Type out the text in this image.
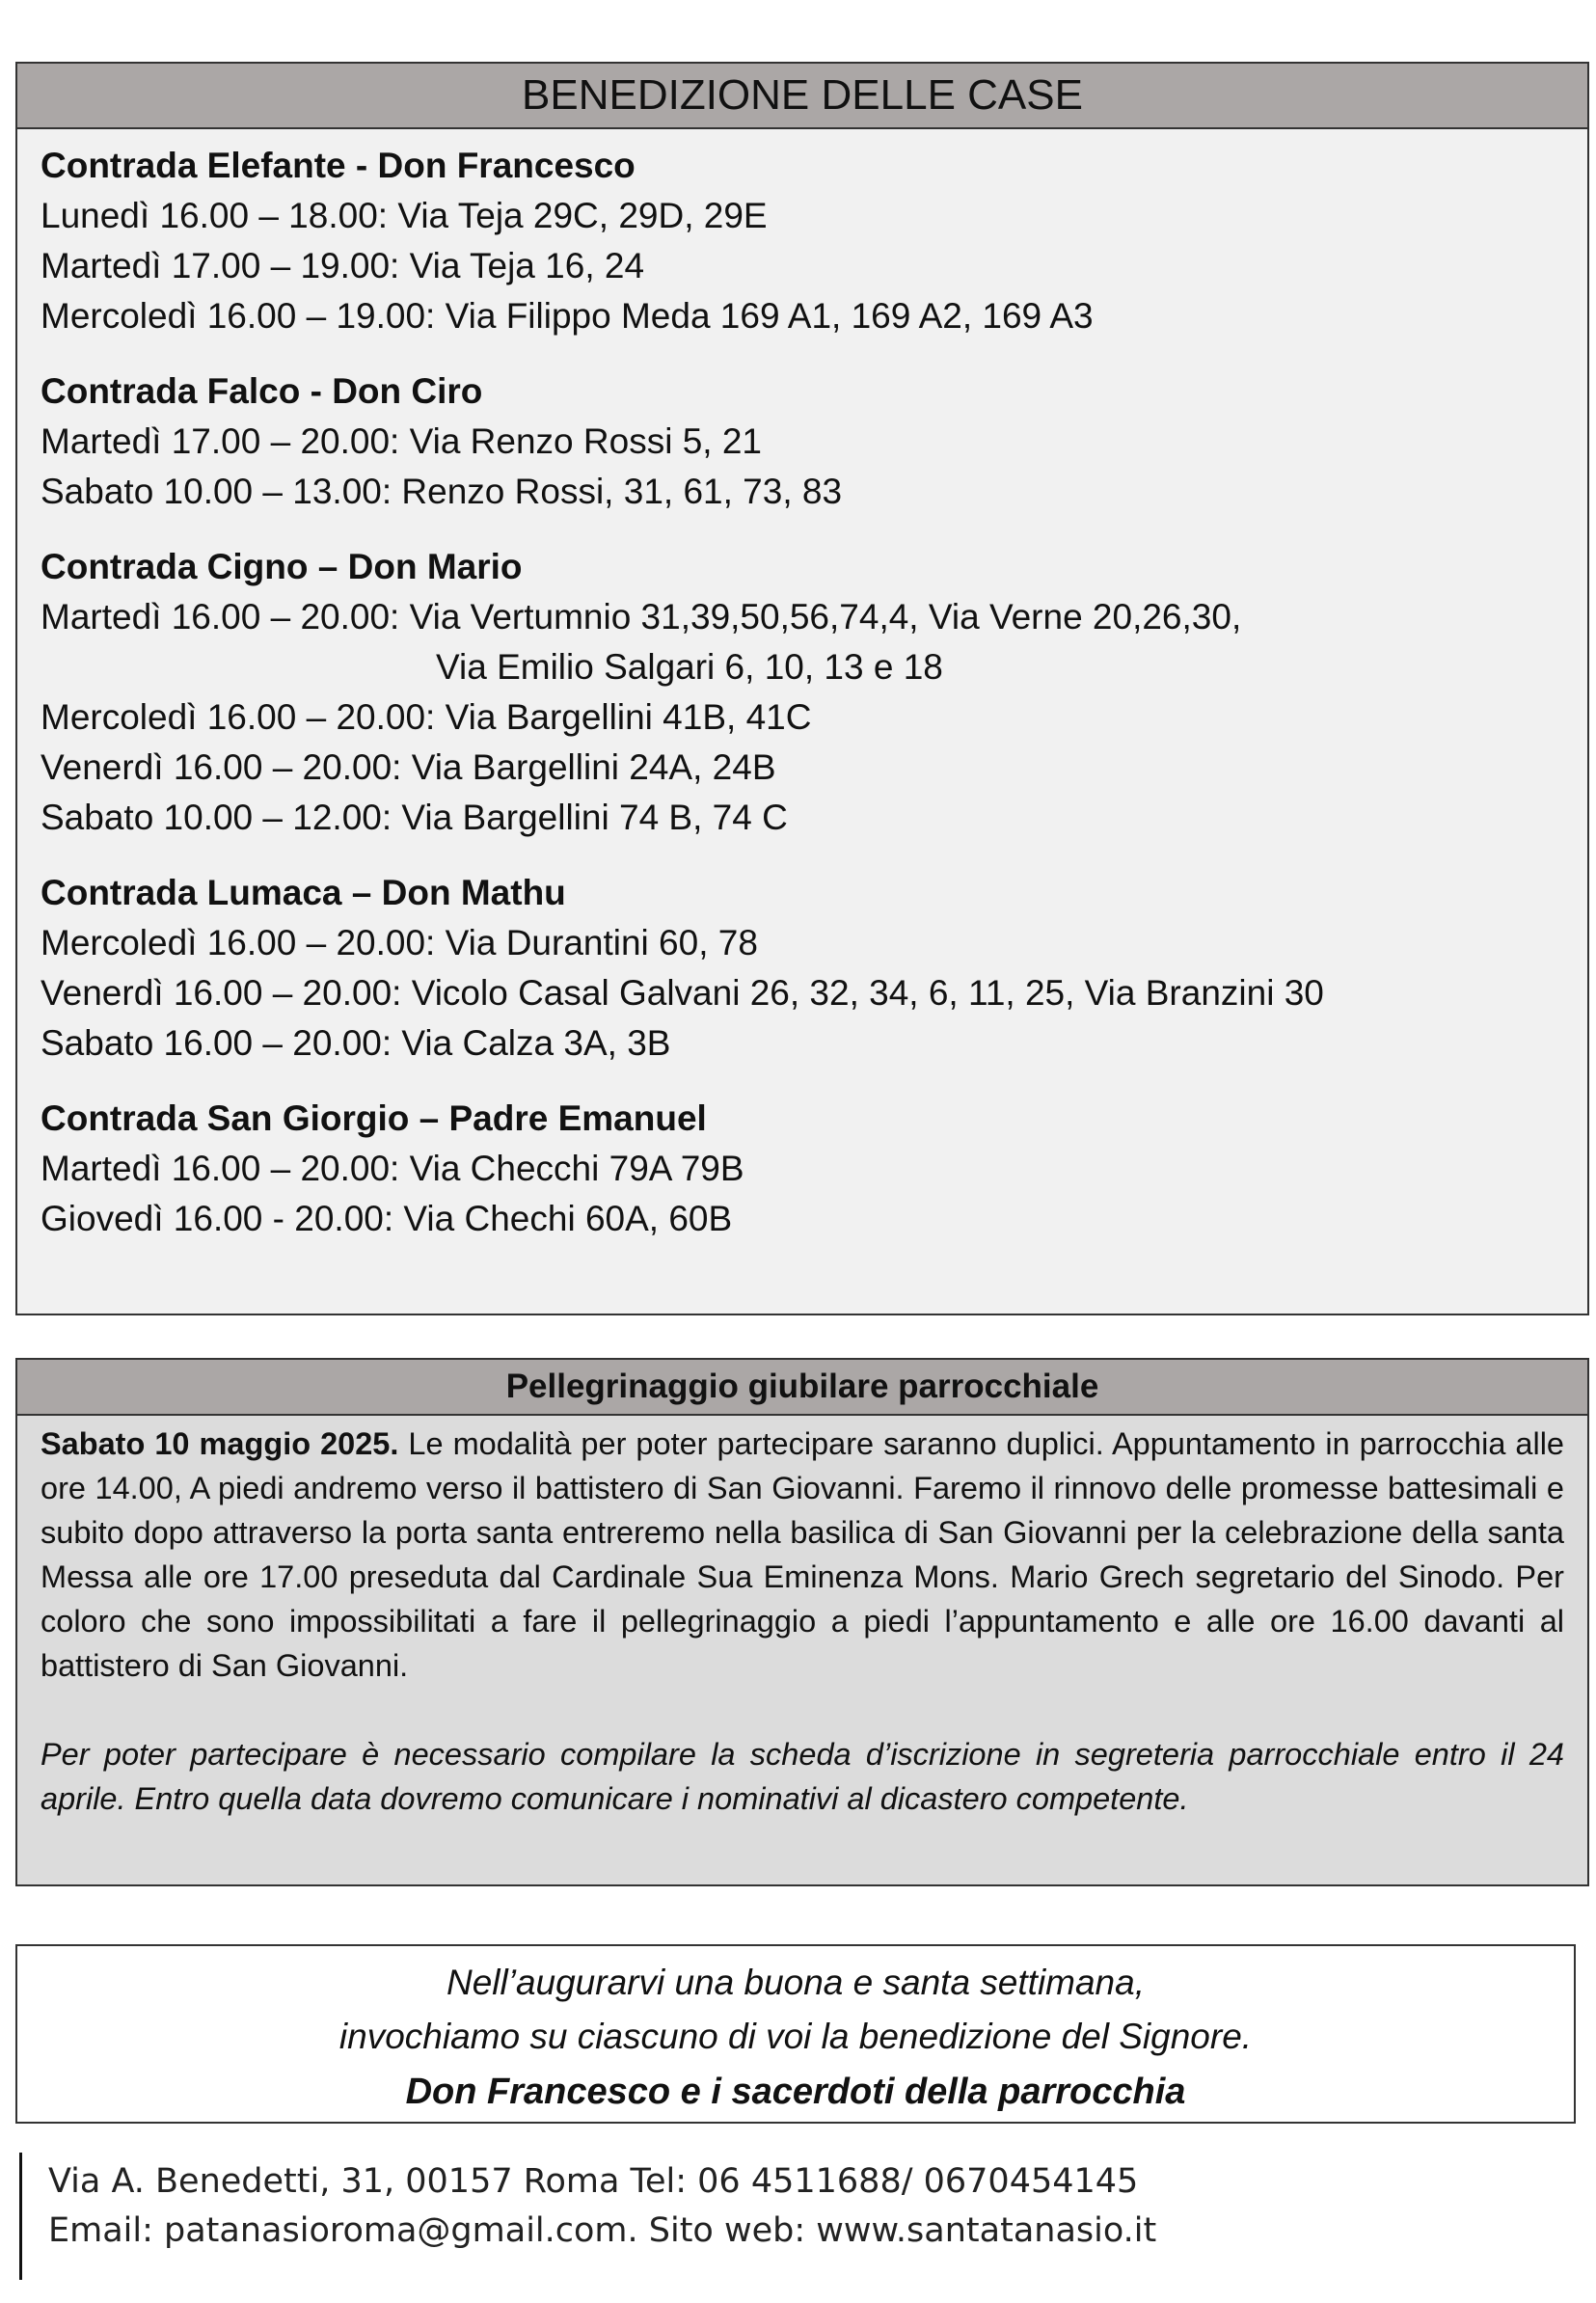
BENEDIZIONE DELLE CASE
Contrada Elefante - Don Francesco
Lunedì 16.00 – 18.00: Via Teja 29C, 29D, 29E
Martedì 17.00 – 19.00: Via Teja 16, 24
Mercoledì 16.00 – 19.00: Via Filippo Meda 169 A1, 169 A2, 169 A3
Contrada Falco - Don Ciro
Martedì 17.00 – 20.00: Via Renzo Rossi 5, 21
Sabato 10.00 – 13.00: Renzo Rossi, 31, 61, 73, 83
Contrada Cigno – Don Mario
Martedì 16.00 – 20.00: Via Vertumnio 31,39,50,56,74,4, Via Verne 20,26,30,
Via Emilio Salgari 6, 10, 13 e 18
Mercoledì 16.00 – 20.00: Via Bargellini 41B, 41C
Venerdì 16.00 – 20.00: Via Bargellini 24A, 24B
Sabato 10.00 – 12.00: Via Bargellini 74 B, 74 C
Contrada Lumaca – Don Mathu
Mercoledì 16.00 – 20.00: Via Durantini 60, 78
Venerdì 16.00 – 20.00: Vicolo Casal Galvani 26, 32, 34, 6, 11, 25, Via Branzini 30
Sabato 16.00 – 20.00: Via Calza 3A, 3B
Contrada San Giorgio – Padre Emanuel
Martedì 16.00 – 20.00: Via Checchi 79A 79B
Giovedì 16.00 - 20.00: Via Chechi 60A, 60B
Pellegrinaggio giubilare parrocchiale

Sabato 10 maggio 2025. Le modalità per poter partecipare saranno duplici. Appuntamento in parrocchia alle ore 14.00, A piedi andremo verso il battistero di San Giovanni. Faremo il rinnovo delle promesse battesimali e subito dopo attraverso la porta santa entreremo nella basilica di San Giovanni per la celebrazione della santa Messa alle ore 17.00 preseduta dal Cardinale Sua Eminenza Mons. Mario Grech segretario del Sinodo. Per coloro che sono impossibilitati a fare il pellegrinaggio a piedi l’appuntamento e alle ore 16.00 davanti al battistero di San Giovanni.

Per poter partecipare è necessario compilare la scheda d’iscrizione in segreteria parrocchiale entro il 24 aprile. Entro quella data dovremo comunicare i nominativi al dicastero competente.

Nell’augurarvi una buona e santa settimana,
invochiamo su ciascuno di voi la benedizione del Signore.
Don Francesco e i sacerdoti della parrocchia
Via A. Benedetti, 31, 00157 Roma Tel: 06 4511688/ 0670454145
Email: patanasioroma@gmail.com. Sito web: www.santatanasio.it
